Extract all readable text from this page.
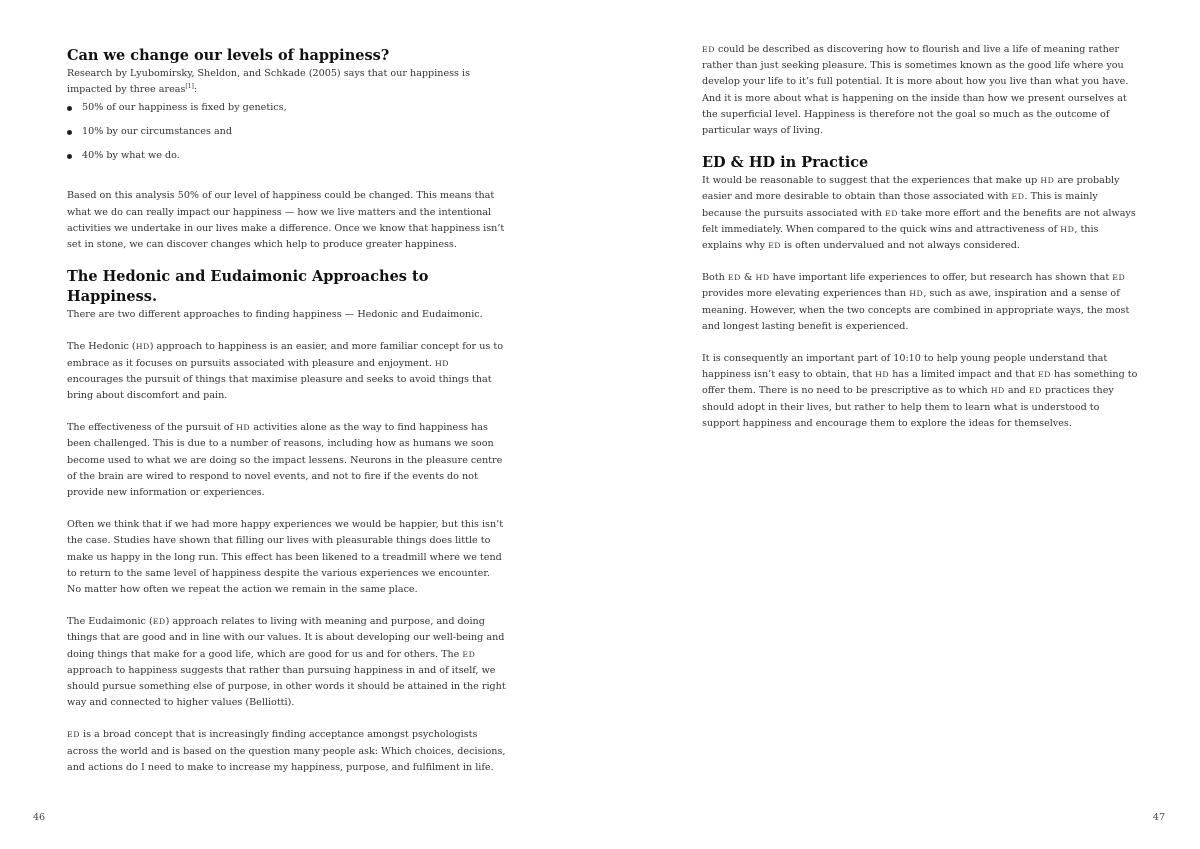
Can we change our levels of happiness?

Research by Lyubomirsky, Sheldon, and Schkade (2005) says that our happiness is impacted by three areas[1]:

50% of our happiness is fixed by genetics,
10% by our circumstances and
40% by what we do.

Based on this analysis 50% of our level of happiness could be changed. This means that what we do can really impact our happiness — how we live matters and the intentional activities we undertake in our lives make a difference. Once we know that happiness isn’t set in stone, we can discover changes which help to produce greater happiness.

The Hedonic and Eudaimonic Approaches to Happiness.

There are two different approaches to finding happiness — Hedonic and Eudaimonic.

The Hedonic (HD) approach to happiness is an easier, and more familiar concept for us to embrace as it focuses on pursuits associated with pleasure and enjoyment. HD encourages the pursuit of things that maximise pleasure and seeks to avoid things that bring about discomfort and pain.

The effectiveness of the pursuit of HD activities alone as the way to find happiness has been challenged. This is due to a number of reasons, including how as humans we soon become used to what we are doing so the impact lessens. Neurons in the pleasure centre of the brain are wired to respond to novel events, and not to fire if the events do not provide new information or experiences.

Often we think that if we had more happy experiences we would be happier, but this isn’t the case. Studies have shown that filling our lives with pleasurable things does little to make us happy in the long run. This effect has been likened to a treadmill where we tend to return to the same level of happiness despite the various experiences we encounter. No matter how often we repeat the action we remain in the same place.

The Eudaimonic (ED) approach relates to living with meaning and purpose, and doing things that are good and in line with our values. It is about developing our well-being and doing things that make for a good life, which are good for us and for others. The ED approach to happiness suggests that rather than pursuing happiness in and of itself, we should pursue something else of purpose, in other words it should be attained in the right way and connected to higher values (Belliotti).

ED is a broad concept that is increasingly finding acceptance amongst psychologists across the world and is based on the question many people ask: Which choices, decisions, and actions do I need to make to increase my happiness, purpose, and fulfilment in life.

46

ED could be described as discovering how to flourish and live a life of meaning rather rather than just seeking pleasure. This is sometimes known as the good life where you develop your life to it’s full potential. It is more about how you live than what you have. And it is more about what is happening on the inside than how we present ourselves at the superficial level. Happiness is therefore not the goal so much as the outcome of particular ways of living.

ED & HD in Practice

It would be reasonable to suggest that the experiences that make up HD are probably easier and more desirable to obtain than those associated with ED. This is mainly because the pursuits associated with ED take more effort and the benefits are not always felt immediately. When compared to the quick wins and attractiveness of HD, this explains why ED is often undervalued and not always considered.

Both ED & HD have important life experiences to offer, but research has shown that ED provides more elevating experiences than HD, such as awe, inspiration and a sense of meaning. However, when the two concepts are combined in appropriate ways, the most and longest lasting benefit is experienced.

It is consequently an important part of 10:10 to help young people understand that happiness isn’t easy to obtain, that HD has a limited impact and that ED has something to offer them. There is no need to be prescriptive as to which HD and ED practices they should adopt in their lives, but rather to help them to learn what is understood to support happiness and encourage them to explore the ideas for themselves.

47
